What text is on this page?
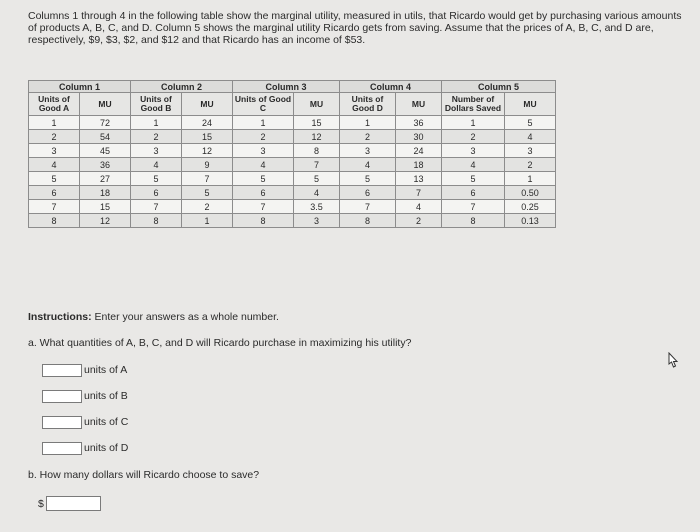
Columns 1 through 4 in the following table show the marginal utility, measured in utils, that Ricardo would get by purchasing various amounts of products A, B, C, and D. Column 5 shows the marginal utility Ricardo gets from saving. Assume that the prices of A, B, C, and D are, respectively, $9, $3, $2, and $12 and that Ricardo has an income of $53.
Column 1		Column 2		Column 3		Column 4		Column 5	
Units of Good A	MU	Units of Good B	MU	Units of Good C	MU	Units of Good D	MU	Number of Dollars Saved	MU
1	72	1	24	1	15	1	36	1	5
2	54	2	15	2	12	2	30	2	4
3	45	3	12	3	8	3	24	3	3
4	36	4	9	4	7	4	18	4	2
5	27	5	7	5	5	5	13	5	1
6	18	6	5	6	4	6	7	6	0.50
7	15	7	2	7	3.5	7	4	7	0.25
8	12	8	1	8	3	8	2	8	0.13
Instructions: Enter your answers as a whole number.
a. What quantities of A, B, C, and D will Ricardo purchase in maximizing his utility?
units of A
units of B
units of C
units of D
b. How many dollars will Ricardo choose to save?
$
